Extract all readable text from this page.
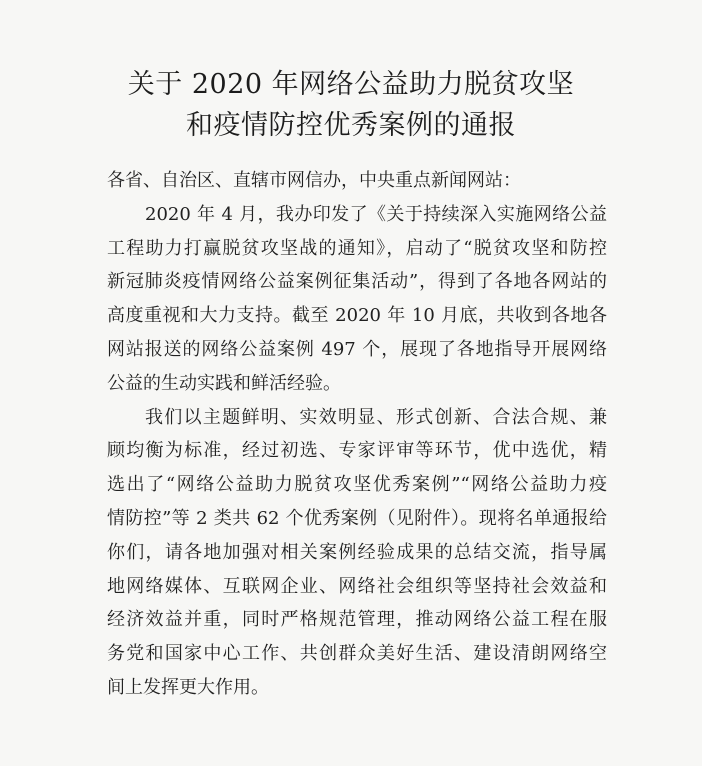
关于 2020 年网络公益助力脱贫攻坚
和疫情防控优秀案例的通报
各省、自治区、直辖市网信办，中央重点新闻网站：
2020 年 4 月，我办印发了《关于持续深入实施网络公益
工程助力打赢脱贫攻坚战的通知》，启动了“脱贫攻坚和防控
新冠肺炎疫情网络公益案例征集活动”，得到了各地各网站的
高度重视和大力支持。截至 2020 年 10 月底，共收到各地各
网站报送的网络公益案例 497 个，展现了各地指导开展网络
公益的生动实践和鲜活经验。
我们以主题鲜明、实效明显、形式创新、合法合规、兼
顾均衡为标准，经过初选、专家评审等环节，优中选优，精
选出了“网络公益助力脱贫攻坚优秀案例”“网络公益助力疫
情防控”等 2 类共 62 个优秀案例（见附件）。现将名单通报给
你们，请各地加强对相关案例经验成果的总结交流，指导属
地网络媒体、互联网企业、网络社会组织等坚持社会效益和
经济效益并重，同时严格规范管理，推动网络公益工程在服
务党和国家中心工作、共创群众美好生活、建设清朗网络空
间上发挥更大作用。
